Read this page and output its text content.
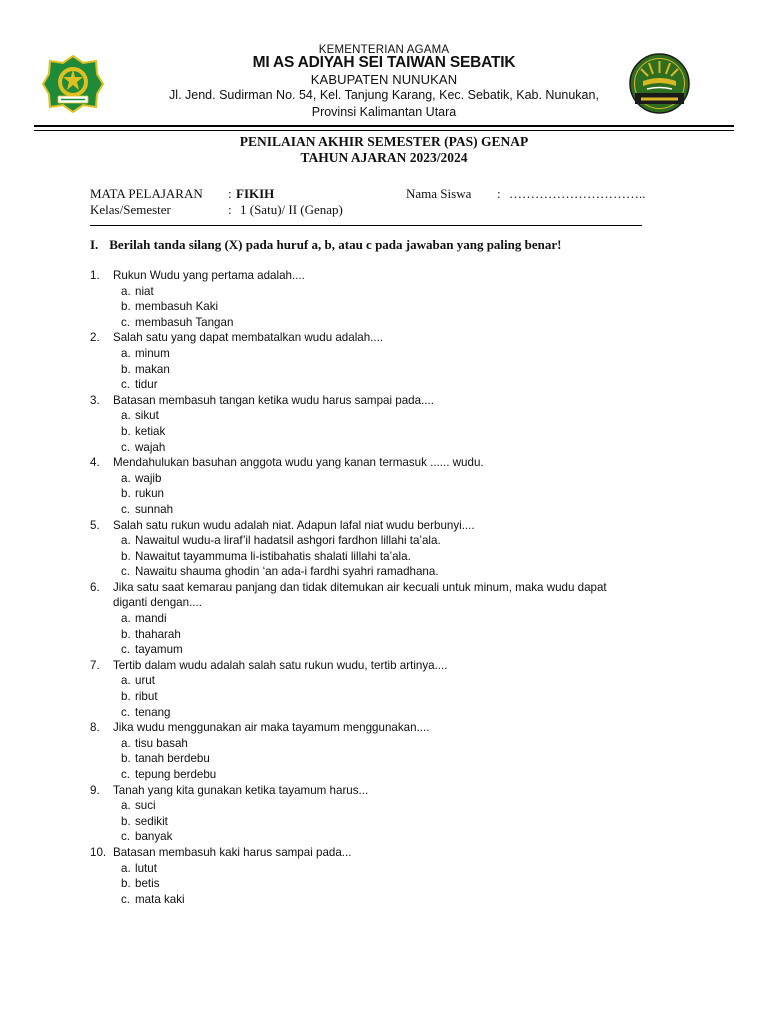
KEMENTERIAN AGAMA
MI AS ADIYAH SEI TAIWAN SEBATIK
KABUPATEN NUNUKAN
Jl. Jend. Sudirman No. 54, Kel. Tanjung Karang, Kec. Sebatik, Kab. Nunukan,
Provinsi Kalimantan Utara
PENILAIAN AKHIR SEMESTER (PAS) GENAP
TAHUN AJARAN 2023/2024
MATA PELAJARAN : FIKIH	Nama Siswa : …………………………..
Kelas/Semester	: 1 (Satu)/ II (Genap)
I. Berilah tanda silang (X) pada huruf a, b, atau c pada jawaban yang paling benar!
1. Rukun Wudu yang pertama adalah....
a. niat
b. membasuh Kaki
c. membasuh Tangan
2. Salah satu yang dapat membatalkan wudu adalah....
a. minum
b. makan
c. tidur
3. Batasan membasuh tangan ketika wudu harus sampai pada....
a. sikut
b. ketiak
c. wajah
4. Mendahulukan basuhan anggota wudu yang kanan termasuk ...... wudu.
a. wajib
b. rukun
c. sunnah
5. Salah satu rukun wudu adalah niat. Adapun lafal niat wudu berbunyi....
a. Nawaitul wudu-a liraf’il hadatsil ashgori fardhon lillahi ta’ala.
b. Nawaitut tayammuma li-istibahatis shalati lillahi ta’ala.
c. Nawaitu shauma ghodin ‘an ada-i fardhi syahri ramadhana.
6. Jika satu saat kemarau panjang dan tidak ditemukan air kecuali untuk minum, maka wudu dapat
diganti dengan....
a. mandi
b. thaharah
c. tayamum
7. Tertib dalam wudu adalah salah satu rukun wudu, tertib artinya....
a. urut
b. ribut
c. tenang
8. Jika wudu menggunakan air maka tayamum menggunakan....
a. tisu basah
b. tanah berdebu
c. tepung berdebu
9. Tanah yang kita gunakan ketika tayamum harus...
a. suci
b. sedikit
c. banyak
10. Batasan membasuh kaki harus sampai pada...
a. lutut
b. betis
c. mata kaki
